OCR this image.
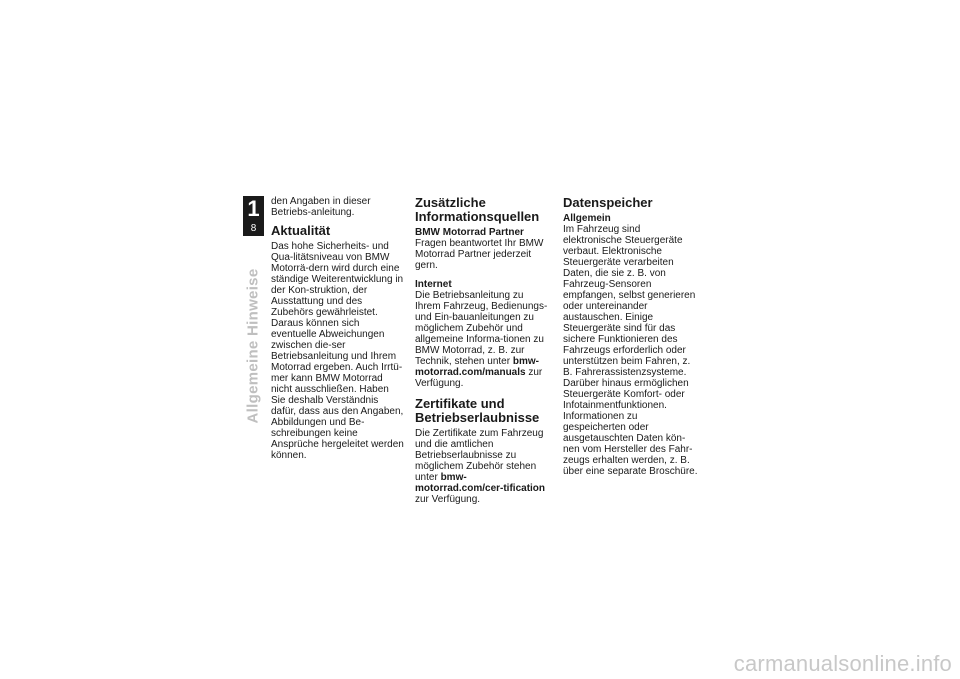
1
8
Allgemeine Hinweise

den Angaben in dieser Betriebs-anleitung.

Aktualität

Das hohe Sicherheits- und Qua-litätsniveau von BMW Motorrä-dern wird durch eine ständige Weiterentwicklung in der Kon-struktion, der Ausstattung und des Zubehörs gewährleistet. Daraus können sich eventuelle Abweichungen zwischen die-ser Betriebsanleitung und Ihrem Motorrad ergeben. Auch Irrtü-mer kann BMW Motorrad nicht ausschließen. Haben Sie deshalb Verständnis dafür, dass aus den Angaben, Abbildungen und Be-schreibungen keine Ansprüche hergeleitet werden können.

Zusätzliche Informationsquellen
BMW Motorrad Partner

Fragen beantwortet Ihr BMW Motorrad Partner jederzeit gern.

Internet

Die Betriebsanleitung zu Ihrem Fahrzeug, Bedienungs- und Ein-bauanleitungen zu möglichem Zubehör und allgemeine Informa-tionen zu BMW Motorrad, z. B. zur Technik, stehen unter bmw-motorrad.com/manuals zur Verfügung.

Zertifikate und Betriebserlaubnisse

Die Zertifikate zum Fahrzeug und die amtlichen Betriebserlaubnisse zu möglichem Zubehör stehen unter bmw-motorrad.com/cer-tification zur Verfügung.

Datenspeicher
Allgemein

Im Fahrzeug sind elektronische Steuergeräte verbaut. Elektronische Steuergeräte verarbeiten Daten, die sie z. B. von Fahrzeug-Sensoren empfangen, selbst generieren oder untereinander austauschen. Einige Steuergeräte sind für das sichere Funktionieren des Fahrzeugs erforderlich oder unterstützen beim Fahren, z. B. Fahrerassistenzsysteme. Darüber hinaus ermöglichen Steuergeräte Komfort- oder Infotainmentfunktionen. Informationen zu gespeicherten oder ausgetauschten Daten kön-nen vom Hersteller des Fahr-zeugs erhalten werden, z. B. über eine separate Broschüre.

carmanualsonline.info
